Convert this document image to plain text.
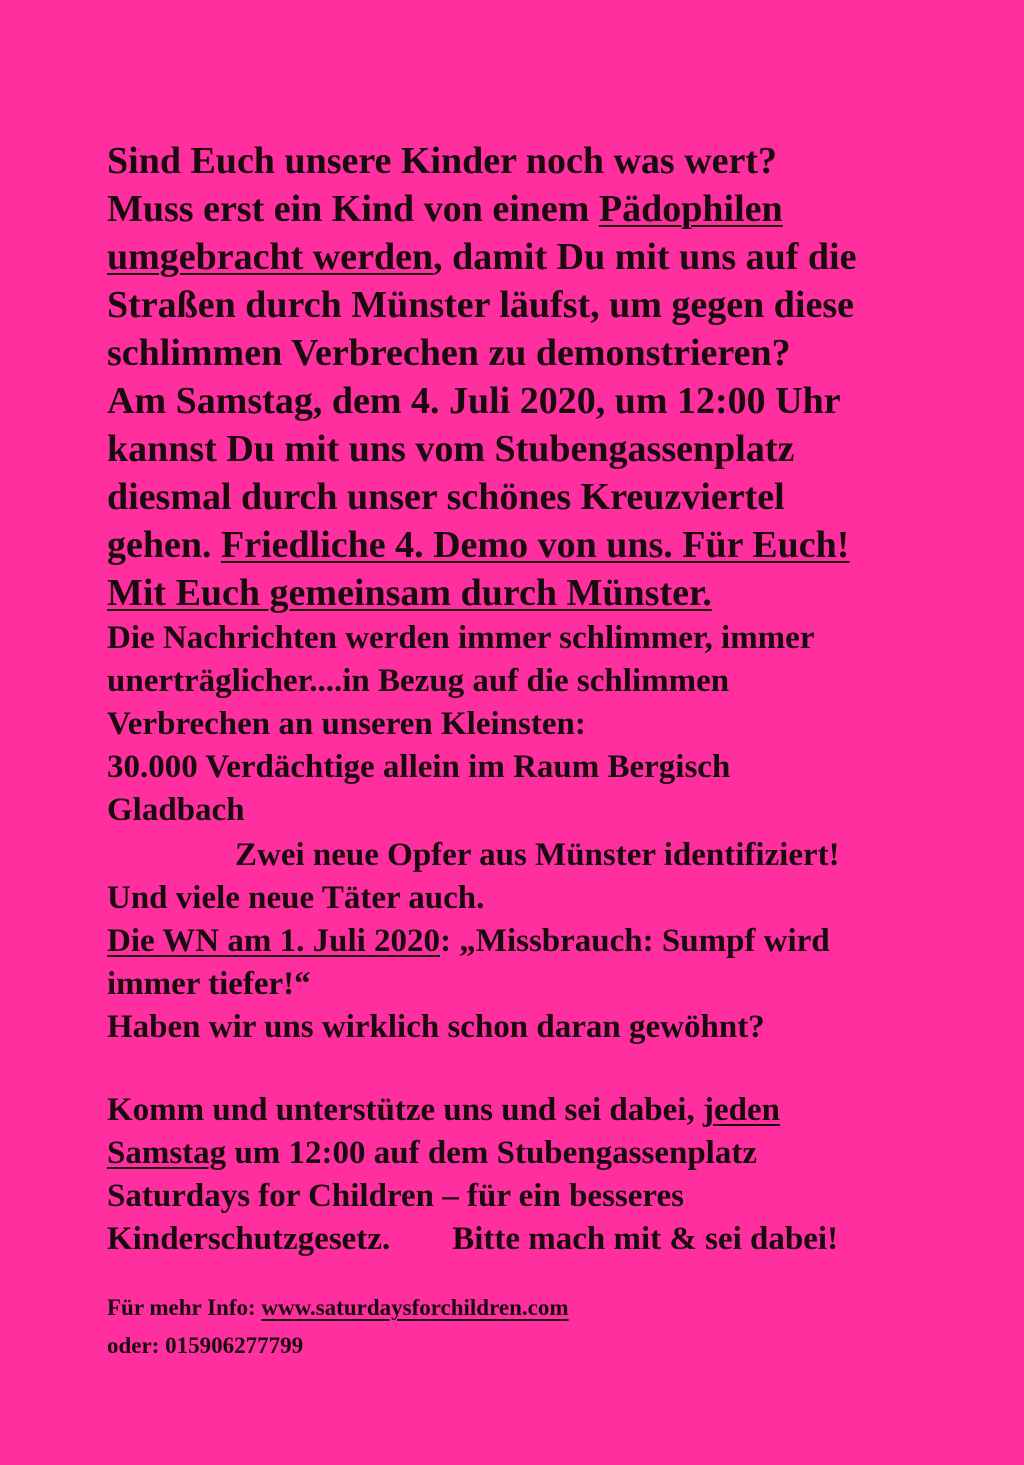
Sind Euch unsere Kinder noch was wert?
Muss erst ein Kind von einem Pädophilen
umgebracht werden, damit Du mit uns auf die
Straßen durch Münster läufst, um gegen diese
schlimmen Verbrechen zu demonstrieren?
Am Samstag, dem 4. Juli 2020, um 12:00 Uhr
kannst Du mit uns vom Stubengassenplatz
diesmal durch unser schönes Kreuzviertel
gehen. Friedliche 4. Demo von uns. Für Euch!
Mit Euch gemeinsam durch Münster.
Die Nachrichten werden immer schlimmer, immer
unerträglicher....in Bezug auf die schlimmen
Verbrechen an unseren Kleinsten:
30.000 Verdächtige allein im Raum Bergisch
Gladbach
Zwei neue Opfer aus Münster identifiziert!
Und viele neue Täter auch.
Die WN am 1. Juli 2020: „Missbrauch: Sumpf wird
immer tiefer!“
Haben wir uns wirklich schon daran gewöhnt?
Komm und unterstütze uns und sei dabei, jeden
Samstag um 12:00 auf dem Stubengassenplatz
Saturdays for Children – für ein besseres
Kinderschutzgesetz. Bitte mach mit & sei dabei!
Für mehr Info: www.saturdaysforchildren.com
oder: 015906277799
